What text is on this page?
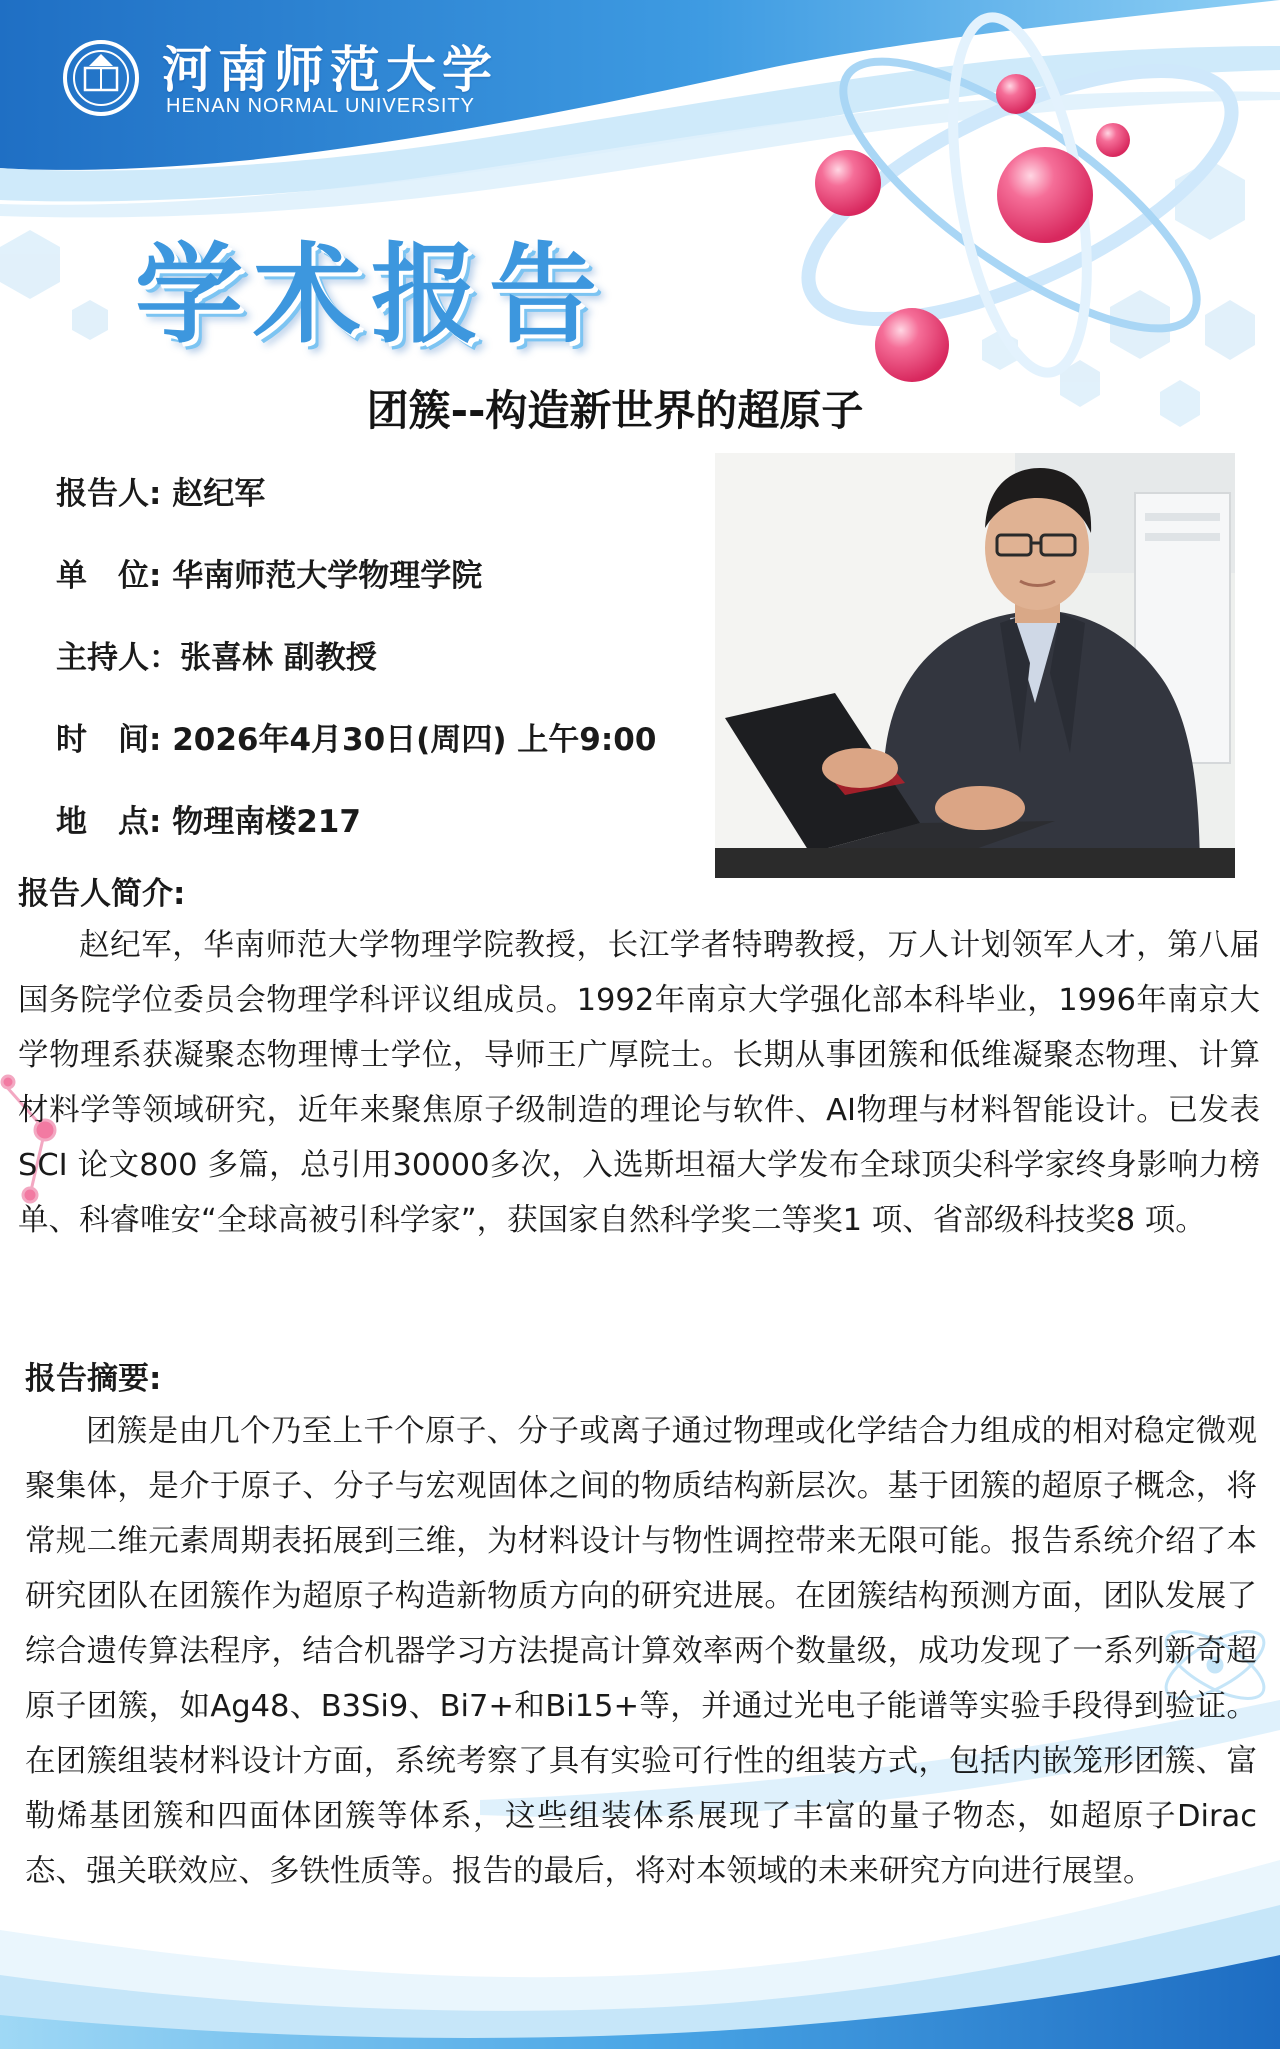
河南师范大学
HENAN NORMAL UNIVERSITY
学术报告
团簇--构造新世界的超原子
报告人: 赵纪军
单　位: 华南师范大学物理学院
主持人：张喜林 副教授
时　间: 2026年4月30日(周四) 上午9:00
地　点: 物理南楼217
报告人简介:
赵纪军，华南师范大学物理学院教授，长江学者特聘教授，万人计划领军人才，第八届国务院学位委员会物理学科评议组成员。1992年南京大学强化部本科毕业，1996年南京大学物理系获凝聚态物理博士学位，导师王广厚院士。长期从事团簇和低维凝聚态物理、计算材料学等领域研究，近年来聚焦原子级制造的理论与软件、AI物理与材料智能设计。已发表SCI 论文800 多篇，总引用30000多次，入选斯坦福大学发布全球顶尖科学家终身影响力榜单、科睿唯安“全球高被引科学家”，获国家自然科学奖二等奖1 项、省部级科技奖8 项。
报告摘要:
团簇是由几个乃至上千个原子、分子或离子通过物理或化学结合力组成的相对稳定微观聚集体，是介于原子、分子与宏观固体之间的物质结构新层次。基于团簇的超原子概念，将常规二维元素周期表拓展到三维，为材料设计与物性调控带来无限可能。报告系统介绍了本研究团队在团簇作为超原子构造新物质方向的研究进展。在团簇结构预测方面，团队发展了综合遗传算法程序，结合机器学习方法提高计算效率两个数量级，成功发现了一系列新奇超原子团簇，如Ag48、B3Si9、Bi7+和Bi15+等，并通过光电子能谱等实验手段得到验证。在团簇组装材料设计方面，系统考察了具有实验可行性的组装方式，包括内嵌笼形团簇、富勒烯基团簇和四面体团簇等体系，这些组装体系展现了丰富的量子物态，如超原子Dirac态、强关联效应、多铁性质等。报告的最后，将对本领域的未来研究方向进行展望。
